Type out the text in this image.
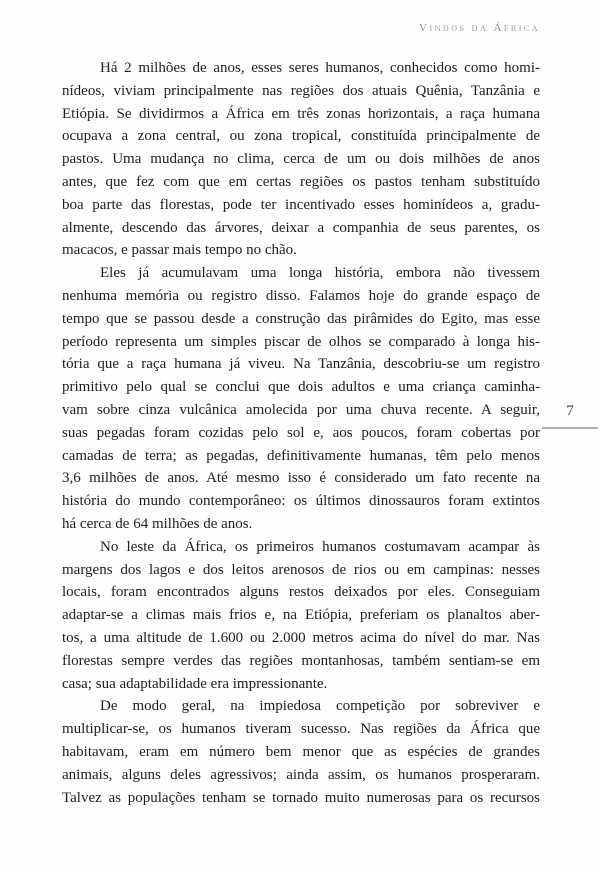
Vindos da África

Há 2 milhões de anos, esses seres humanos, conhecidos como homi-
nídeos, viviam principalmente nas regiões dos atuais Quênia, Tanzânia e
Etiópia. Se dividirmos a África em três zonas horizontais, a raça humana
ocupava a zona central, ou zona tropical, constituída principalmente de
pastos. Uma mudança no clima, cerca de um ou dois milhões de anos
antes, que fez com que em certas regiões os pastos tenham substituído
boa parte das florestas, pode ter incentivado esses hominídeos a, gradu-
almente, descendo das árvores, deixar a companhia de seus parentes, os
macacos, e passar mais tempo no chão.

Eles já acumulavam uma longa história, embora não tivessem
nenhuma memória ou registro disso. Falamos hoje do grande espaço de
tempo que se passou desde a construção das pirâmides do Egito, mas esse
período representa um simples piscar de olhos se comparado à longa his-
tória que a raça humana já viveu. Na Tanzânia, descobriu-se um registro
primitivo pelo qual se conclui que dois adultos e uma criança caminha-
vam sobre cinza vulcânica amolecida por uma chuva recente. A seguir,
suas pegadas foram cozidas pelo sol e, aos poucos, foram cobertas por
camadas de terra; as pegadas, definitivamente humanas, têm pelo menos
3,6 milhões de anos. Até mesmo isso é considerado um fato recente na
história do mundo contemporâneo: os últimos dinossauros foram extintos
há cerca de 64 milhões de anos.

No leste da África, os primeiros humanos costumavam acampar às
margens dos lagos e dos leitos arenosos de rios ou em campinas: nesses
locais, foram encontrados alguns restos deixados por eles. Conseguiam
adaptar-se a climas mais frios e, na Etiópia, preferiam os planaltos aber-
tos, a uma altitude de 1.600 ou 2.000 metros acima do nível do mar. Nas
florestas sempre verdes das regiões montanhosas, também sentiam-se em
casa; sua adaptabilidade era impressionante.

De modo geral, na impiedosa competição por sobreviver e
multiplicar-se, os humanos tiveram sucesso. Nas regiões da África que
habitavam, eram em número bem menor que as espécies de grandes
animais, alguns deles agressivos; ainda assim, os humanos prosperaram.
Talvez as populações tenham se tornado muito numerosas para os recursos

7
